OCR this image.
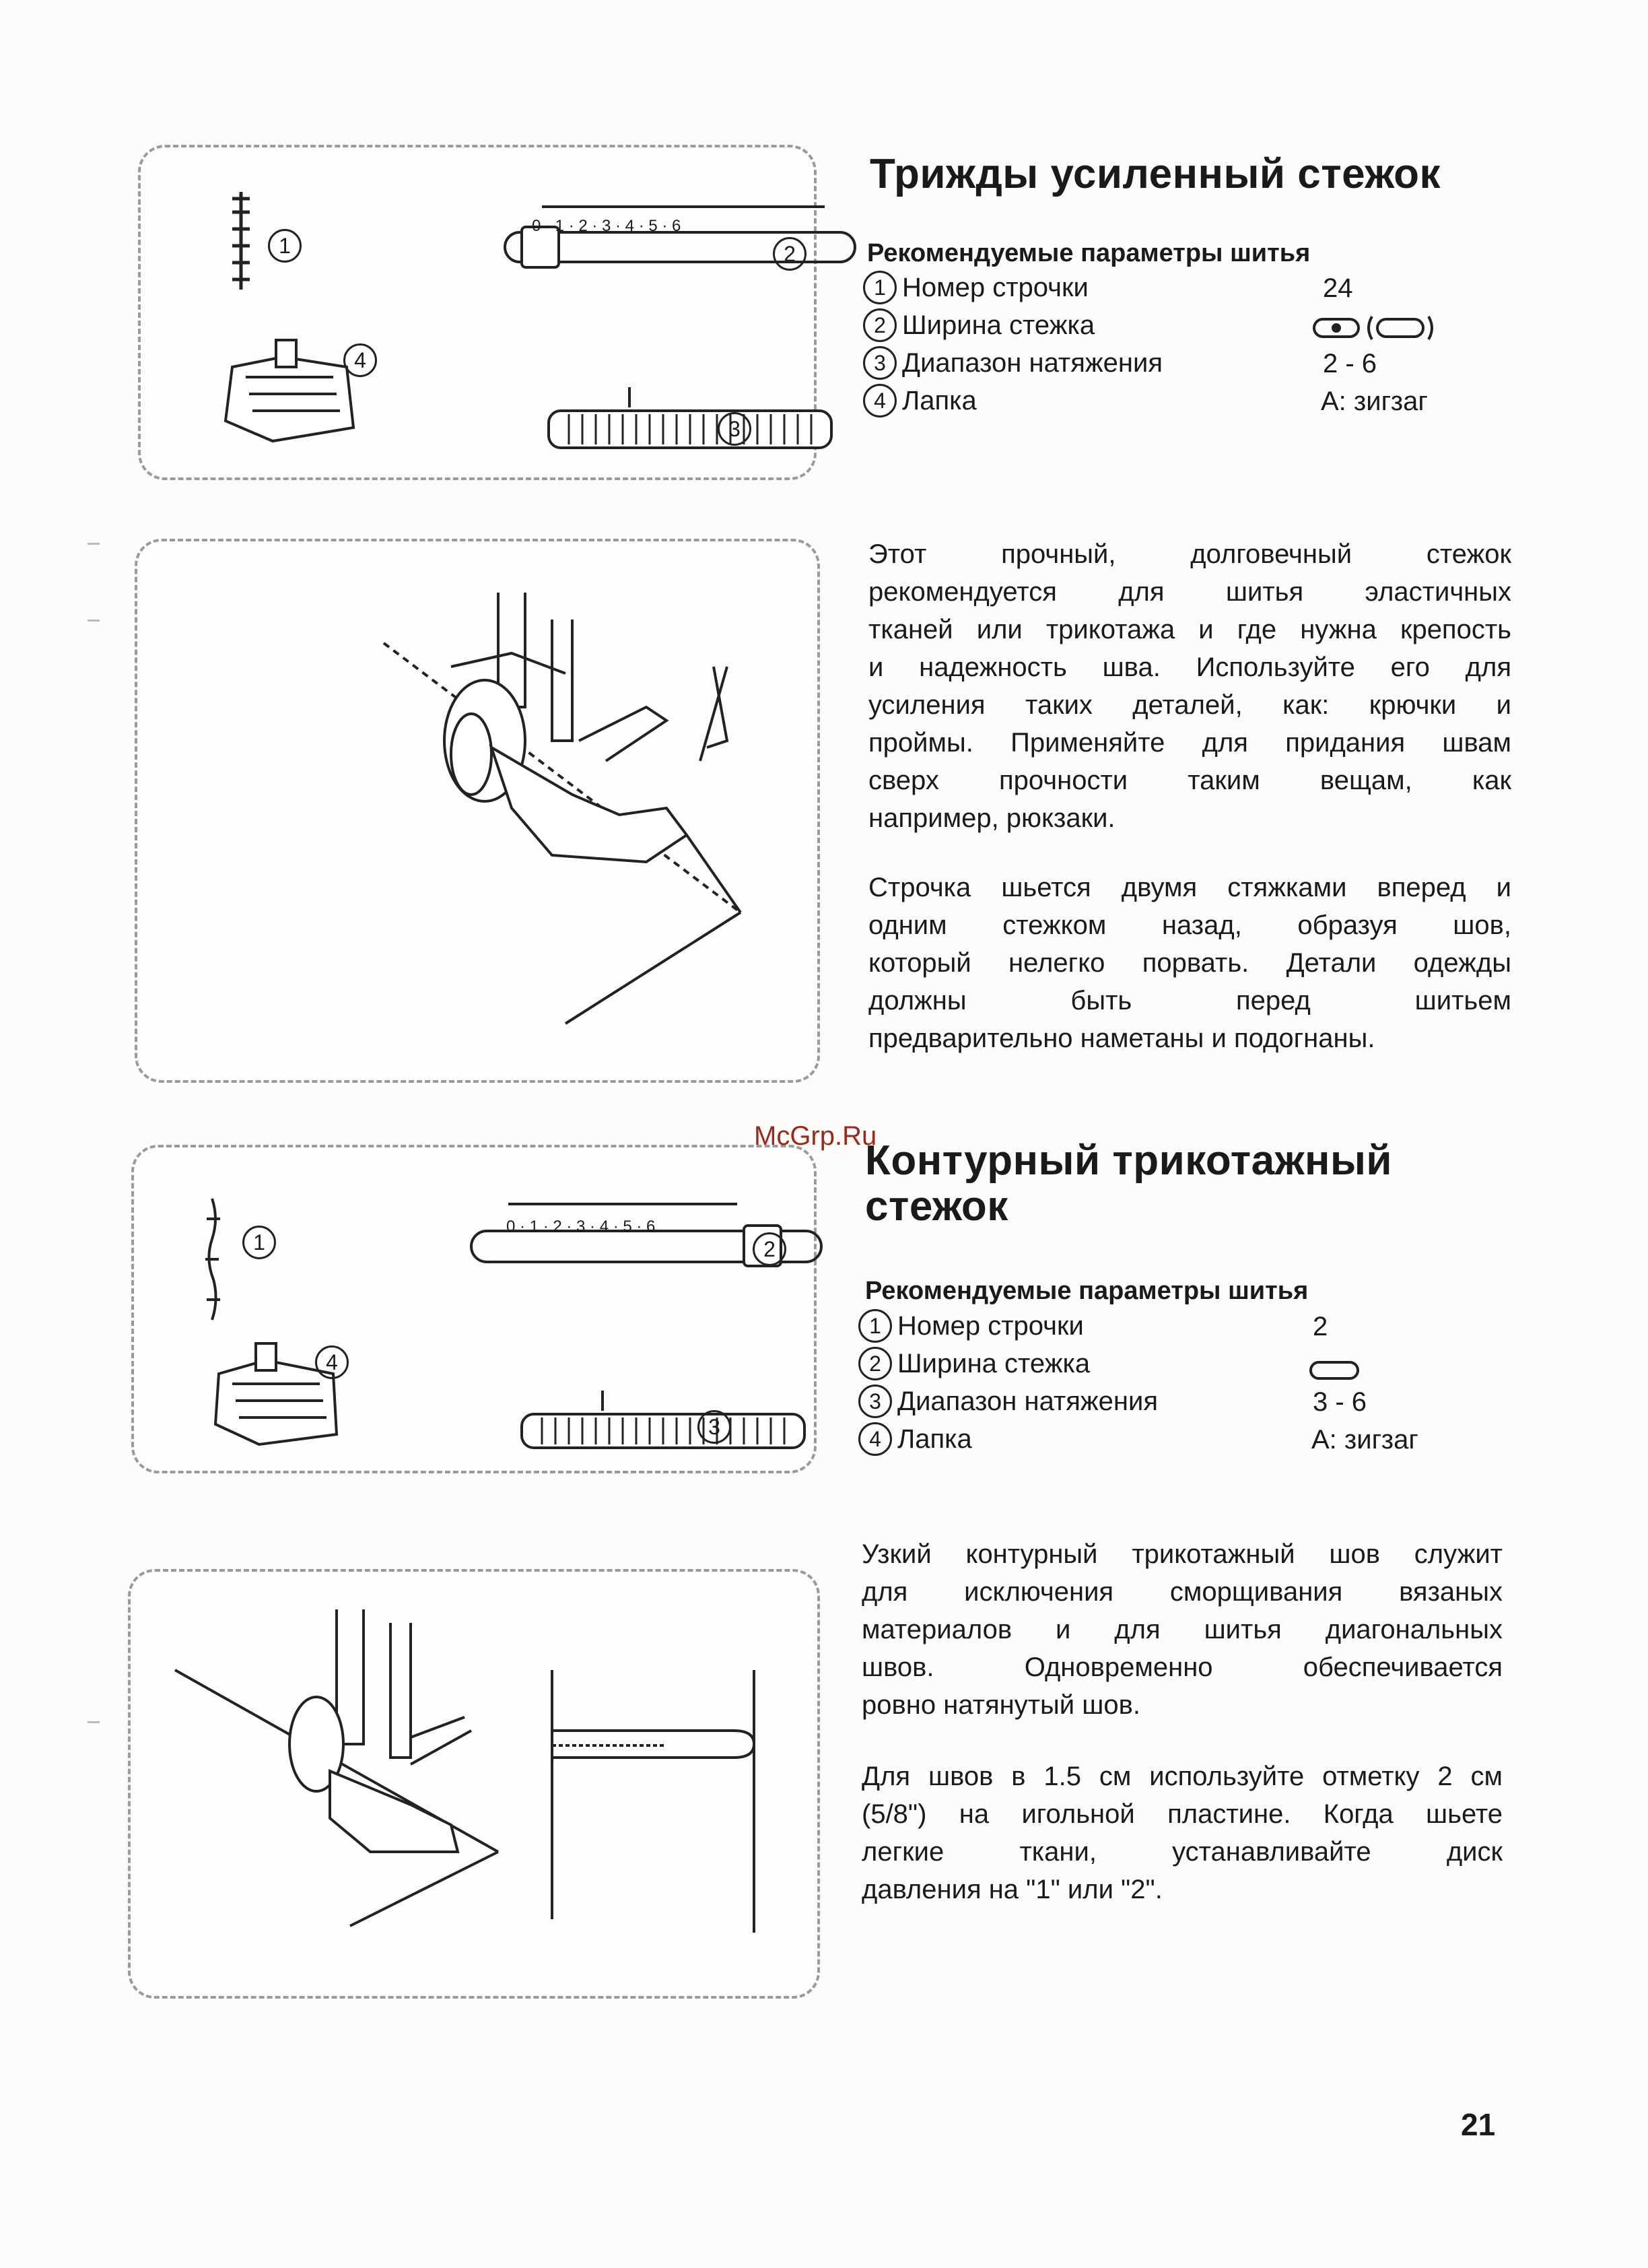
0 · 1 · 2 · 3 · 4 · 5 · 6
1	2
3
4
0 · 1 · 2 · 3 · 4 · 5 · 6
1	2
3
4
Трижды усиленный стежок
Рекомендуемые параметры шитья
1 Номер строчки	24
2 Ширина стежка
3 Диапазон натяжения	2 - 6
4 Лапка	A: зигзаг
Этот прочный, долговечный стежок
рекомендуется для шитья эластичных
тканей или трикотажа и где нужна крепость
и надежность шва. Используйте его для
усиления таких деталей, как: крючки и
проймы. Применяйте для придания швам
сверх прочности таким вещам, как
например, рюкзаки.
Строчка шьется двумя стяжками вперед и
одним стежком назад, образуя шов,
который нелегко порвать. Детали одежды
должны быть перед шитьем
предварительно наметаны и подогнаны.
McGrp.Ru
Контурный трикотажный
стежок
Рекомендуемые параметры шитья
1 Номер строчки	2
2 Ширина стежка
3 Диапазон натяжения	3 - 6
4 Лапка	A: зигзаг
Узкий контурный трикотажный шов служит
для исключения сморщивания вязаных
материалов и для шитья диагональных
швов. Одновременно обеспечивается
ровно натянутый шов.
Для швов в 1.5 см используйте отметку 2 см
(5/8") на игольной пластине. Когда шьете
легкие ткани, устанавливайте диск
давления на "1" или "2".
21
